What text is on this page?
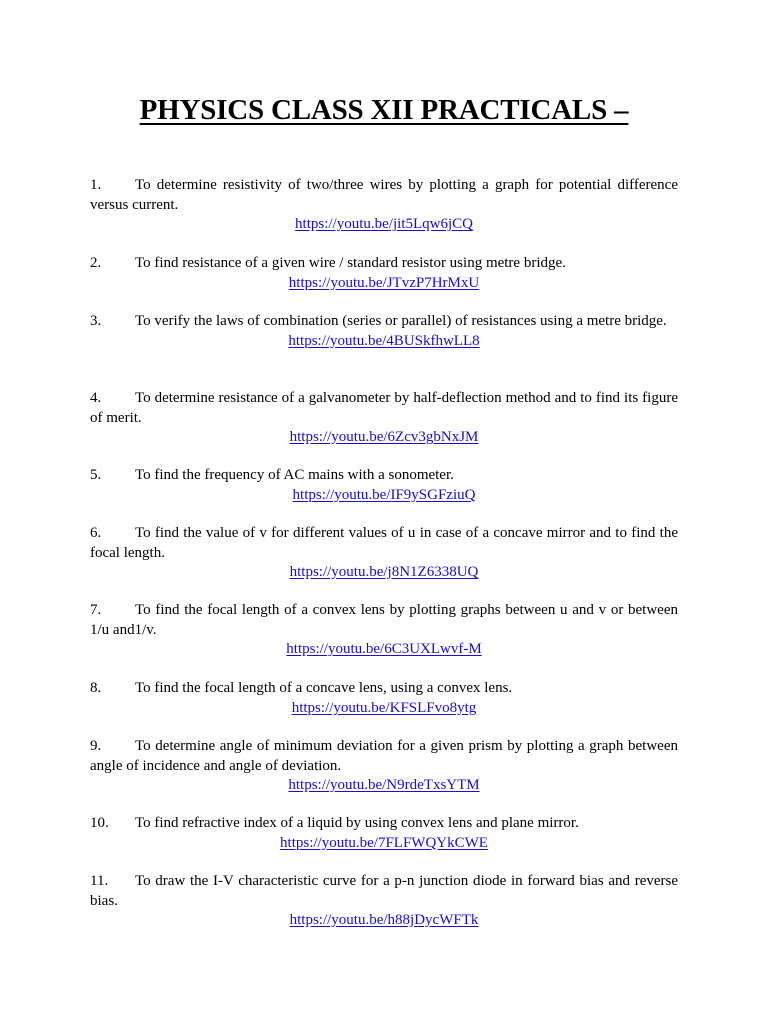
PHYSICS CLASS XII PRACTICALS –

1. To determine resistivity of two/three wires by plotting a graph for potential difference versus current.

https://youtu.be/jit5Lqw6jCQ

2. To find resistance of a given wire / standard resistor using metre bridge.

https://youtu.be/JTvzP7HrMxU

3. To verify the laws of combination (series or parallel) of resistances using a metre bridge.

https://youtu.be/4BUSkfhwLL8

4. To determine resistance of a galvanometer by half-deflection method and to find its figure of merit.

https://youtu.be/6Zcv3gbNxJM

5. To find the frequency of AC mains with a sonometer.

https://youtu.be/IF9ySGFziuQ

6. To find the value of v for different values of u in case of a concave mirror and to find the focal length.

https://youtu.be/j8N1Z6338UQ

7. To find the focal length of a convex lens by plotting graphs between u and v or between 1/u and1/v.

https://youtu.be/6C3UXLwvf-M

8. To find the focal length of a concave lens, using a convex lens.

https://youtu.be/KFSLFvo8ytg

9. To determine angle of minimum deviation for a given prism by plotting a graph between angle of incidence and angle of deviation.

https://youtu.be/N9rdeTxsYTM

10. To find refractive index of a liquid by using convex lens and plane mirror.

https://youtu.be/7FLFWQYkCWE

11. To draw the I-V characteristic curve for a p-n junction diode in forward bias and reverse bias.

https://youtu.be/h88jDycWFTk
